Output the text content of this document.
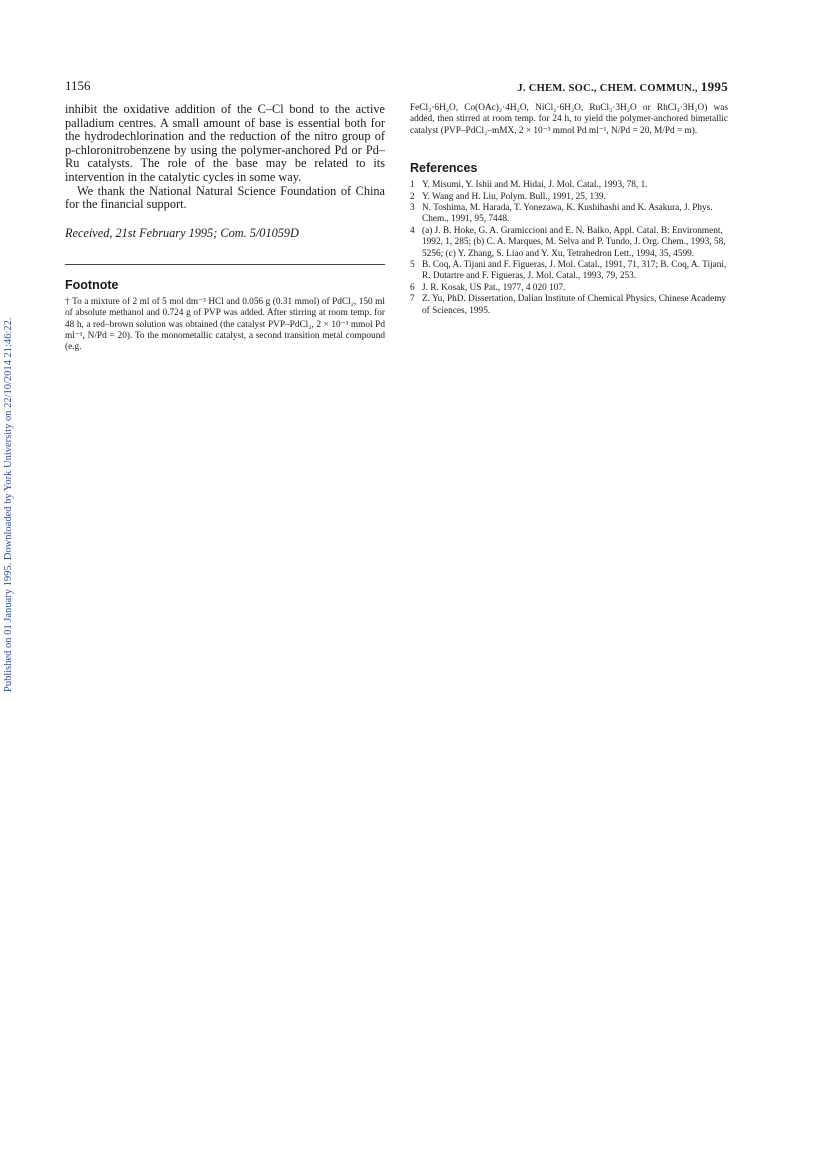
Published on 01 January 1995. Downloaded by York University on 22/10/2014 21:46:22.
1156	J. CHEM. SOC., CHEM. COMMUN., 1995

inhibit the oxidative addition of the C–Cl bond to the active palladium centres. A small amount of base is essential both for the hydrodechlorination and the reduction of the nitro group of p-chloronitrobenzene by using the polymer-anchored Pd or Pd–Ru catalysts. The role of the base may be related to its intervention in the catalytic cycles in some way.

We thank the National Natural Science Foundation of China for the financial support.

Received, 21st February 1995; Com. 5/01059D
Footnote

† To a mixture of 2 ml of 5 mol dm⁻³ HCl and 0.056 g (0.31 mmol) of PdCl₂, 150 ml of absolute methanol and 0.724 g of PVP was added. After stirring at room temp. for 48 h, a red–brown solution was obtained (the catalyst PVP–PdCl₂, 2 × 10⁻³ mmol Pd ml⁻¹, N/Pd = 20). To the monometallic catalyst, a second transition metal compound (e.g.

FeCl₃·6H₂O, Co(OAc)₂·4H₂O, NiCl₂·6H₂O, RuCl₃·3H₂O or RhCl₃·3H₂O) was added, then stirred at room temp. for 24 h, to yield the polymer-anchored bimetallic catalyst (PVP–PdCl₂–mMX, 2 × 10⁻³ mmol Pd ml⁻¹, N/Pd = 20, M/Pd = m).

References
1 Y. Misumi, Y. Ishii and M. Hidai, J. Mol. Catal., 1993, 78, 1.
2 Y. Wang and H. Liu, Polym. Bull., 1991, 25, 139.
3 N. Toshima, M. Harada, T. Yonezawa, K. Kushihashi and K. Asakura, J. Phys. Chem., 1991, 95, 7448.
4 (a) J. B. Hoke, G. A. Gramiccioni and E. N. Balko, Appl. Catal. B: Environment, 1992, 1, 285; (b) C. A. Marques, M. Selva and P. Tundo, J. Org. Chem., 1993, 58, 5256; (c) Y. Zhang, S. Liao and Y. Xu, Tetrahedron Lett., 1994, 35, 4599.
5 B. Coq, A. Tijani and F. Figueras, J. Mol. Catal., 1991, 71, 317; B. Coq, A. Tijani, R. Dutartre and F. Figueras, J. Mol. Catal., 1993, 79, 253.
6 J. R. Kosak, US Pat., 1977, 4 020 107.
7 Z. Yu, PhD. Dissertation, Dalian Institute of Chemical Physics, Chinese Academy of Sciences, 1995.
